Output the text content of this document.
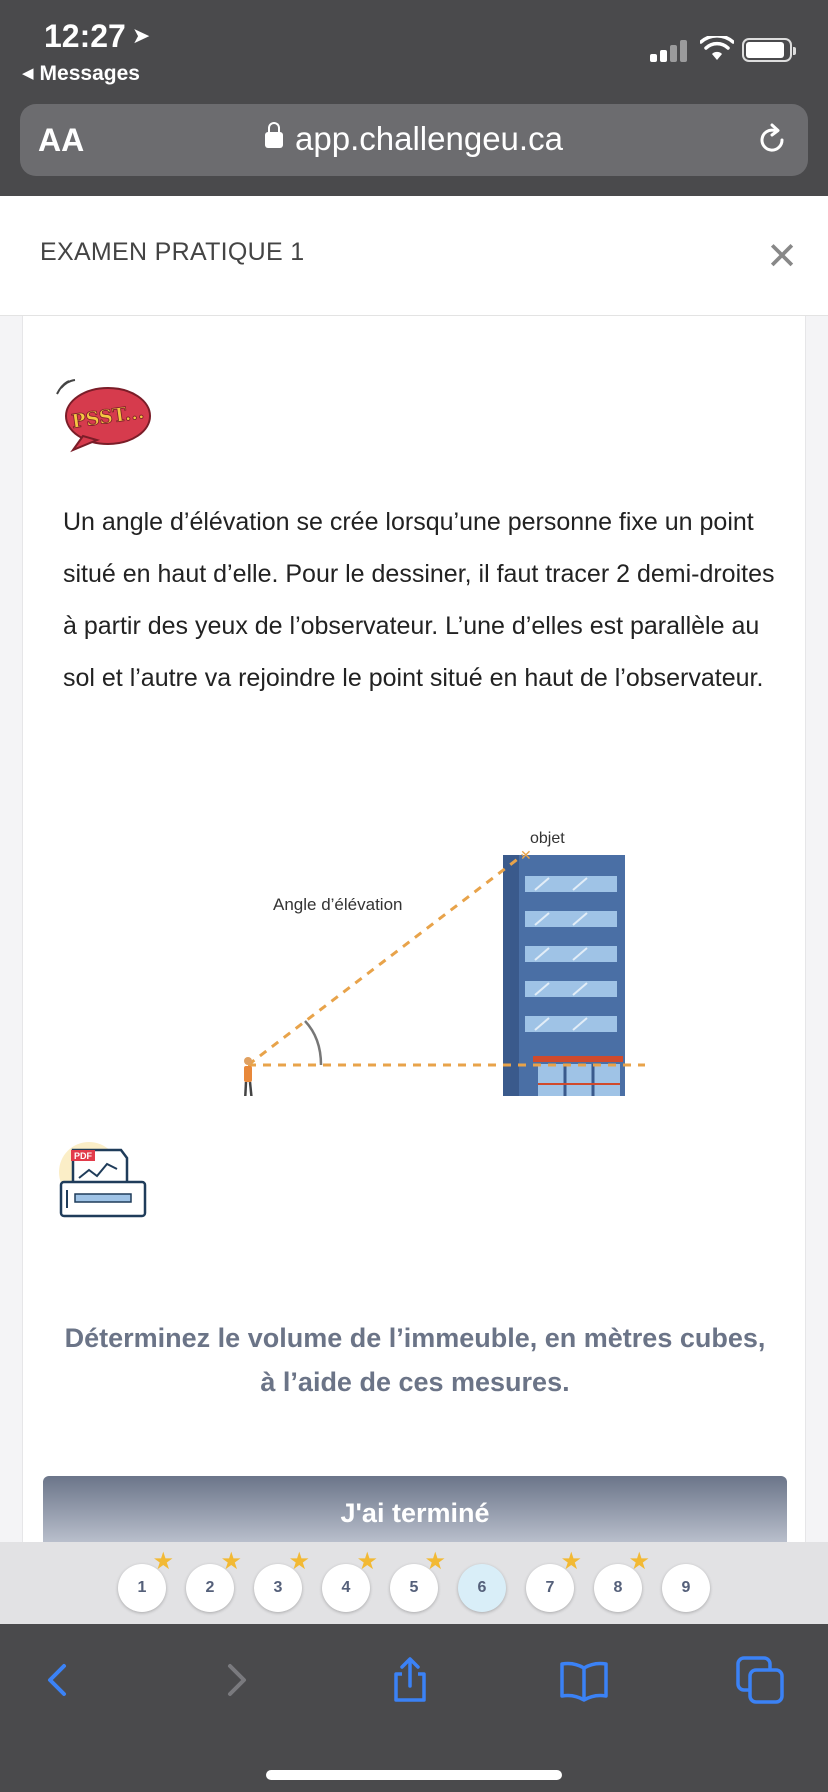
12:27 ➤
◀ Messages
AA	app.challengeu.ca
EXAMEN PRATIQUE 1	✕
PSST...
Un angle d’élévation se crée lorsqu’une personne fixe un point situé en haut d’elle. Pour le dessiner, il faut tracer 2 demi-droites à partir des yeux de l’observateur. L’une d’elles est parallèle au sol et l’autre va rejoindre le point situé en haut de l’observateur.
✕
objet
Angle d’élévation
PDF
Déterminez le volume de l’immeuble, en mètres cubes, à l’aide de ces mesures.
J'ai terminé
1
★
2
★
3
★
4
★
5
★
6	7
★
8
★
9
